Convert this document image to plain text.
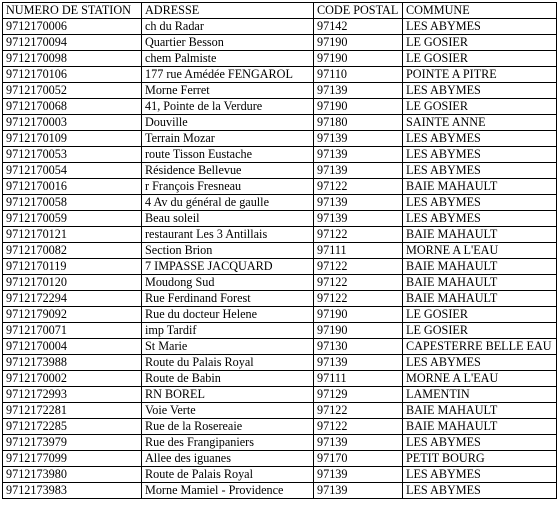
NUMERO DE STATION	ADRESSE	CODE POSTAL	COMMUNE
9712170006	ch du Radar	97142	LES ABYMES
9712170094	Quartier Besson	97190	LE GOSIER
9712170098	chem Palmiste	97190	LE GOSIER
9712170106	177 rue Amédée FENGAROL	97110	POINTE A PITRE
9712170052	Morne Ferret	97139	LES ABYMES
9712170068	41, Pointe de la Verdure	97190	LE GOSIER
9712170003	Douville	97180	SAINTE ANNE
9712170109	Terrain Mozar	97139	LES ABYMES
9712170053	route Tisson Eustache	97139	LES ABYMES
9712170054	Résidence Bellevue	97139	LES ABYMES
9712170016	r François Fresneau	97122	BAIE MAHAULT
9712170058	4 Av du général de gaulle	97139	LES ABYMES
9712170059	Beau soleil	97139	LES ABYMES
9712170121	restaurant Les 3 Antillais	97122	BAIE MAHAULT
9712170082	Section Brion	97111	MORNE A L'EAU
9712170119	7 IMPASSE JACQUARD	97122	BAIE MAHAULT
9712170120	Moudong Sud	97122	BAIE MAHAULT
9712172294	Rue Ferdinand Forest	97122	BAIE MAHAULT
9712179092	Rue du docteur Helene	97190	LE GOSIER
9712170071	imp Tardif	97190	LE GOSIER
9712170004	St Marie	97130	CAPESTERRE BELLE EAU
9712173988	Route du Palais Royal	97139	LES ABYMES
9712170002	Route de Babin	97111	MORNE A L'EAU
9712172993	RN BOREL	97129	LAMENTIN
9712172281	Voie Verte	97122	BAIE MAHAULT
9712172285	Rue de la Rosereaie	97122	BAIE MAHAULT
9712173979	Rue des Frangipaniers	97139	LES ABYMES
9712177099	Allee des iguanes	97170	PETIT BOURG
9712173980	Route de Palais Royal	97139	LES ABYMES
9712173983	Morne Mamiel - Providence	97139	LES ABYMES
